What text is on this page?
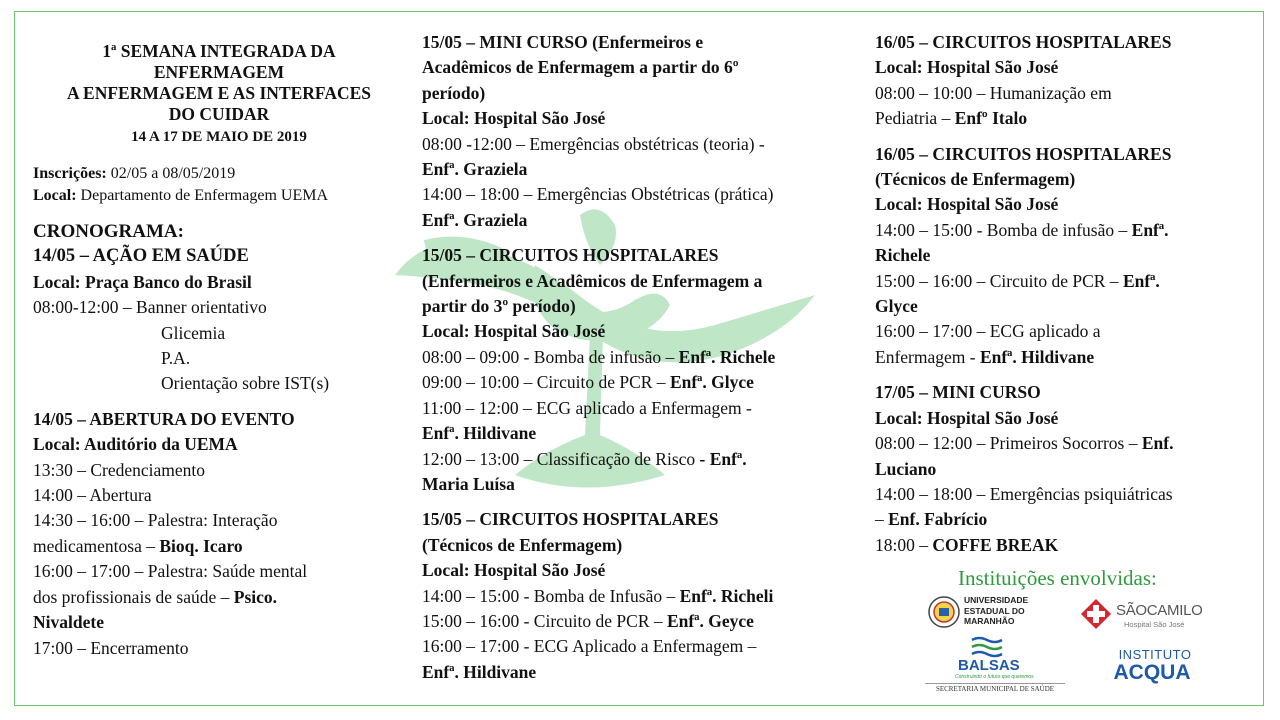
1ª SEMANA INTEGRADA DA
ENFERMAGEM
A ENFERMAGEM E AS INTERFACES
DO CUIDAR
14 A 17 DE MAIO DE 2019
Inscrições: 02/05 a 08/05/2019
Local: Departamento de Enfermagem UEMA
CRONOGRAMA:
14/05 – AÇÃO EM SAÚDE
Local: Praça Banco do Brasil
08:00-12:00 – Banner orientativo
Glicemia
P.A.
Orientação sobre IST(s)
14/05 – ABERTURA DO EVENTO
Local: Auditório da UEMA
13:30 – Credenciamento
14:00 – Abertura
14:30 – 16:00 – Palestra: Interação
medicamentosa – Bioq. Icaro
16:00 – 17:00 – Palestra: Saúde mental
dos profissionais de saúde – Psico.
Nivaldete
17:00 – Encerramento
15/05 – MINI CURSO (Enfermeiros e
Acadêmicos de Enfermagem a partir do 6º
período)
Local: Hospital São José
08:00 -12:00 – Emergências obstétricas (teoria) -
Enfª. Graziela
14:00 – 18:00 – Emergências Obstétricas (prática)
Enfª. Graziela
15/05 – CIRCUITOS HOSPITALARES
(Enfermeiros e Acadêmicos de Enfermagem a
partir do 3º período)
Local: Hospital São José
08:00 – 09:00 - Bomba de infusão – Enfª. Richele
09:00 – 10:00 – Circuito de PCR – Enfª. Glyce
11:00 – 12:00 – ECG aplicado a Enfermagem -
Enfª. Hildivane
12:00 – 13:00 – Classificação de Risco - Enfª.
Maria Luísa
15/05 – CIRCUITOS HOSPITALARES
(Técnicos de Enfermagem)
Local: Hospital São José
14:00 – 15:00 - Bomba de Infusão – Enfª. Richeli
15:00 – 16:00 - Circuito de PCR – Enfª. Geyce
16:00 – 17:00 - ECG Aplicado a Enfermagem –
Enfª. Hildivane
16/05 – CIRCUITOS HOSPITALARES
Local: Hospital São José
08:00 – 10:00 – Humanização em
Pediatria – Enfº Italo
16/05 – CIRCUITOS HOSPITALARES
(Técnicos de Enfermagem)
Local: Hospital São José
14:00 – 15:00 - Bomba de infusão – Enfª.
Richele
15:00 – 16:00 – Circuito de PCR – Enfª.
Glyce
16:00 – 17:00 – ECG aplicado a
Enfermagem - Enfª. Hildivane
17/05 – MINI CURSO
Local: Hospital São José
08:00 – 12:00 – Primeiros Socorros – Enf.
Luciano
14:00 – 18:00 – Emergências psiquiátricas
– Enf. Fabrício
18:00 – COFFE BREAK
Instituições envolvidas:
UNIVERSIDADE
ESTADUAL DO
MARANHÃO
SÃOCAMILO
Hospital São José
BALSAS
Construindo o futuro que queremos
SECRETARIA MUNICIPAL DE SAÚDE
INSTITUTO
ACQUA
